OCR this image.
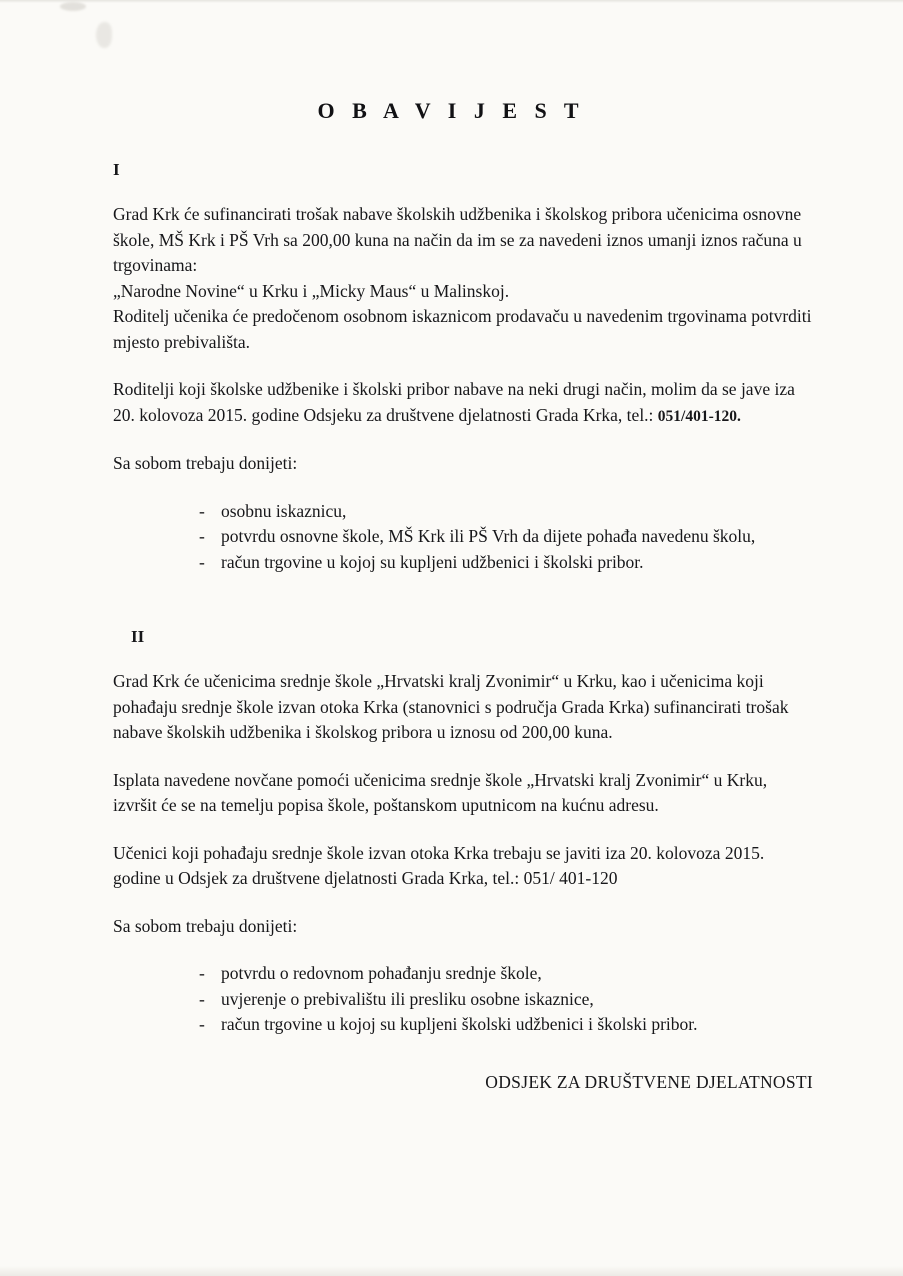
O B A V I J E S T
I

Grad Krk će sufinancirati trošak nabave školskih udžbenika i školskog pribora učenicima osnovne škole, MŠ Krk i PŠ Vrh sa 200,00 kuna na način da im se za navedeni iznos umanji iznos računa u trgovinama:

„Narodne Novine“ u Krku i „Micky Maus“ u Malinskoj.

Roditelj učenika će predočenom osobnom iskaznicom prodavaču u navedenim trgovinama potvrditi mjesto prebivališta.

Roditelji koji školske udžbenike i školski pribor nabave na neki drugi način, molim da se jave iza 20. kolovoza 2015. godine Odsjeku za društvene djelatnosti Grada Krka, tel.: 051/401-120.

Sa sobom trebaju donijeti:

- osobnu iskaznicu,
- potvrdu osnovne škole, MŠ Krk ili PŠ Vrh da dijete pohađa navedenu školu,
- račun trgovine u kojoj su kupljeni udžbenici i školski pribor.
II

Grad Krk će učenicima srednje škole „Hrvatski kralj Zvonimir“ u Krku, kao i učenicima koji pohađaju srednje škole izvan otoka Krka (stanovnici s područja Grada Krka) sufinancirati trošak nabave školskih udžbenika i školskog pribora u iznosu od 200,00 kuna.

Isplata navedene novčane pomoći učenicima srednje škole „Hrvatski kralj Zvonimir“ u Krku, izvršit će se na temelju popisa škole, poštanskom uputnicom na kućnu adresu.

Učenici koji pohađaju srednje škole izvan otoka Krka trebaju se javiti iza 20. kolovoza 2015. godine u Odsjek za društvene djelatnosti Grada Krka, tel.: 051/ 401-120

Sa sobom trebaju donijeti:

- potvrdu o redovnom pohađanju srednje škole,
- uvjerenje o prebivalištu ili presliku osobne iskaznice,
- račun trgovine u kojoj su kupljeni školski udžbenici i školski pribor.
ODSJEK ZA DRUŠTVENE DJELATNOSTI
